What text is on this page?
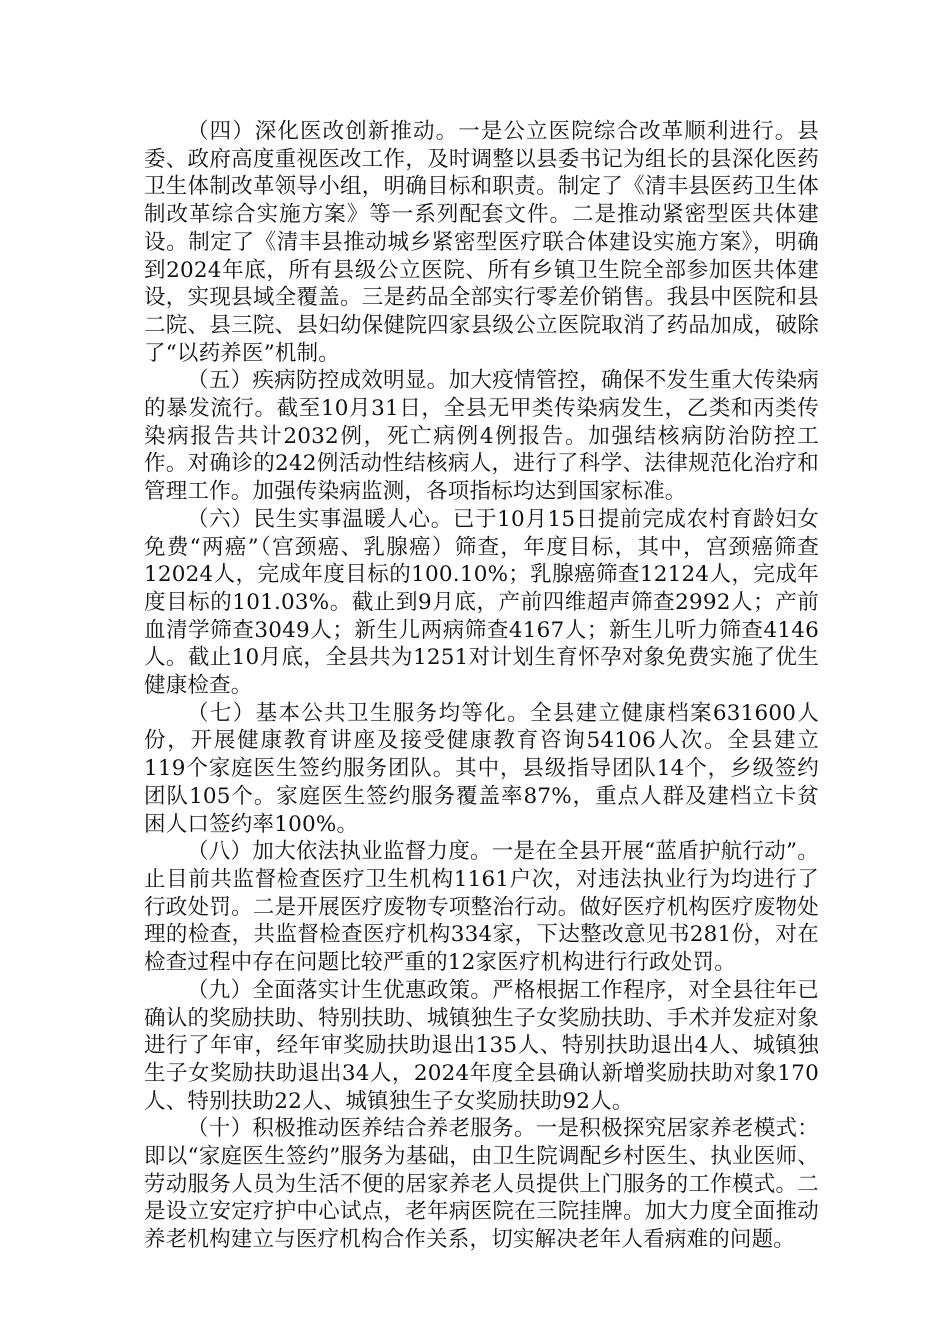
（四）深化医改创新推动。一是公立医院综合改革顺利进行。县委、政府高度重视医改工作，及时调整以县委书记为组长的县深化医药卫生体制改革领导小组，明确目标和职责。制定了《清丰县医药卫生体制改革综合实施方案》等一系列配套文件。二是推动紧密型医共体建设。制定了《清丰县推动城乡紧密型医疗联合体建设实施方案》，明确到2024年底，所有县级公立医院、所有乡镇卫生院全部参加医共体建设，实现县域全覆盖。三是药品全部实行零差价销售。我县中医院和县二院、县三院、县妇幼保健院四家县级公立医院取消了药品加成，破除了“以药养医”机制。

（五）疾病防控成效明显。加大疫情管控，确保不发生重大传染病的暴发流行。截至10月31日，全县无甲类传染病发生，乙类和丙类传染病报告共计2032例，死亡病例4例报告。加强结核病防治防控工作。对确诊的242例活动性结核病人，进行了科学、法律规范化治疗和管理工作。加强传染病监测，各项指标均达到国家标准。

（六）民生实事温暖人心。已于10月15日提前完成农村育龄妇女免费“两癌”（宫颈癌、乳腺癌）筛查，年度目标，其中，宫颈癌筛查12024人，完成年度目标的100.10%；乳腺癌筛查12124人，完成年度目标的101.03%。截止到9月底，产前四维超声筛查2992人；产前血清学筛查3049人；新生儿两病筛查4167人；新生儿听力筛查4146人。截止10月底，全县共为1251对计划生育怀孕对象免费实施了优生健康检查。

（七）基本公共卫生服务均等化。全县建立健康档案631600人份，开展健康教育讲座及接受健康教育咨询54106人次。全县建立119个家庭医生签约服务团队。其中，县级指导团队14个，乡级签约团队105个。家庭医生签约服务覆盖率87%，重点人群及建档立卡贫困人口签约率100%。

（八）加大依法执业监督力度。一是在全县开展“蓝盾护航行动”。止目前共监督检查医疗卫生机构1161户次，对违法执业行为均进行了行政处罚。二是开展医疗废物专项整治行动。做好医疗机构医疗废物处理的检查，共监督检查医疗机构334家，下达整改意见书281份，对在检查过程中存在问题比较严重的12家医疗机构进行行政处罚。

（九）全面落实计生优惠政策。严格根据工作程序，对全县往年已确认的奖励扶助、特别扶助、城镇独生子女奖励扶助、手术并发症对象进行了年审，经年审奖励扶助退出135人、特别扶助退出4人、城镇独生子女奖励扶助退出34人，2024年度全县确认新增奖励扶助对象170人、特别扶助22人、城镇独生子女奖励扶助92人。

（十）积极推动医养结合养老服务。一是积极探究居家养老模式：即以“家庭医生签约”服务为基础，由卫生院调配乡村医生、执业医师、劳动服务人员为生活不便的居家养老人员提供上门服务的工作模式。二是设立安定疗护中心试点，老年病医院在三院挂牌。加大力度全面推动养老机构建立与医疗机构合作关系，切实解决老年人看病难的问题。
